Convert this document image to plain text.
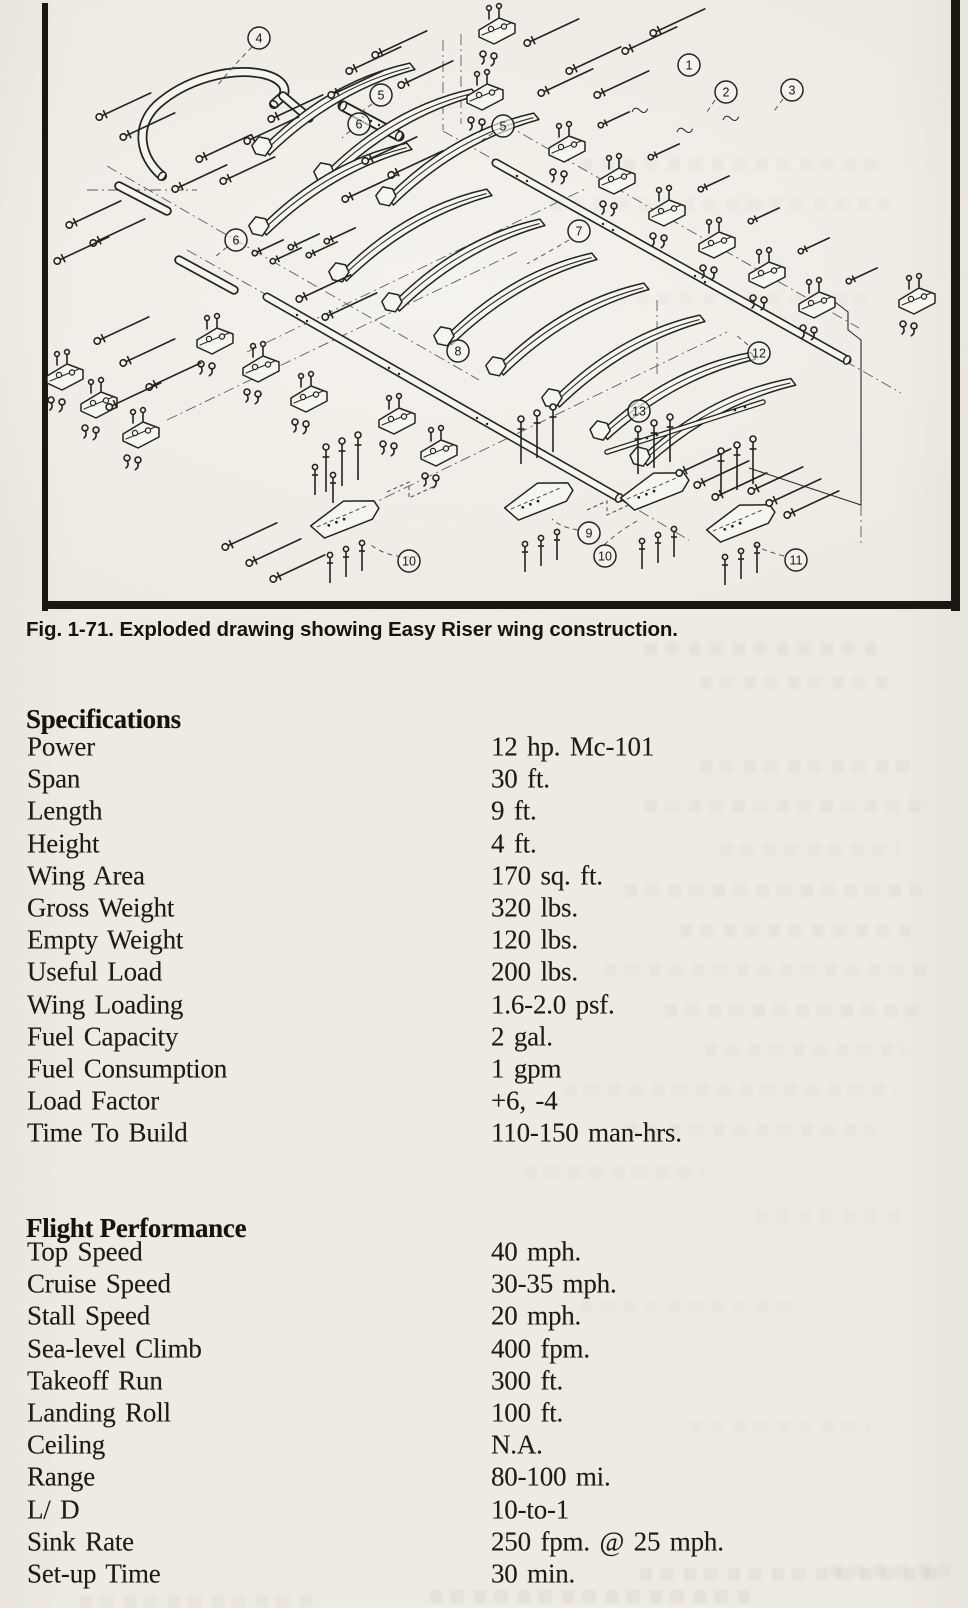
4
5
6	5
1
2	3
6
7
8	12
13
9
10
10	11
Fig. 1-71. Exploded drawing showing Easy Riser wing construction.
Specifications
Power	12 hp. Mc-101
Span	30 ft.
Length	9 ft.
Height	4 ft.
Wing Area	170 sq. ft.
Gross Weight	320 lbs.
Empty Weight	120 lbs.
Useful Load	200 lbs.
Wing Loading	1.6-2.0 psf.
Fuel Capacity	2 gal.
Fuel Consumption	1 gpm
Load Factor	+6, -4
Time To Build	110-150 man-hrs.
Flight Performance
Top Speed	40 mph.
Cruise Speed	30-35 mph.
Stall Speed	20 mph.
Sea-level Climb	400 fpm.
Takeoff Run	300 ft.
Landing Roll	100 ft.
Ceiling	N.A.
Range	80-100 mi.
L/ D	10-to-1
Sink Rate	250 fpm. @ 25 mph.
Set-up Time	30 min.
